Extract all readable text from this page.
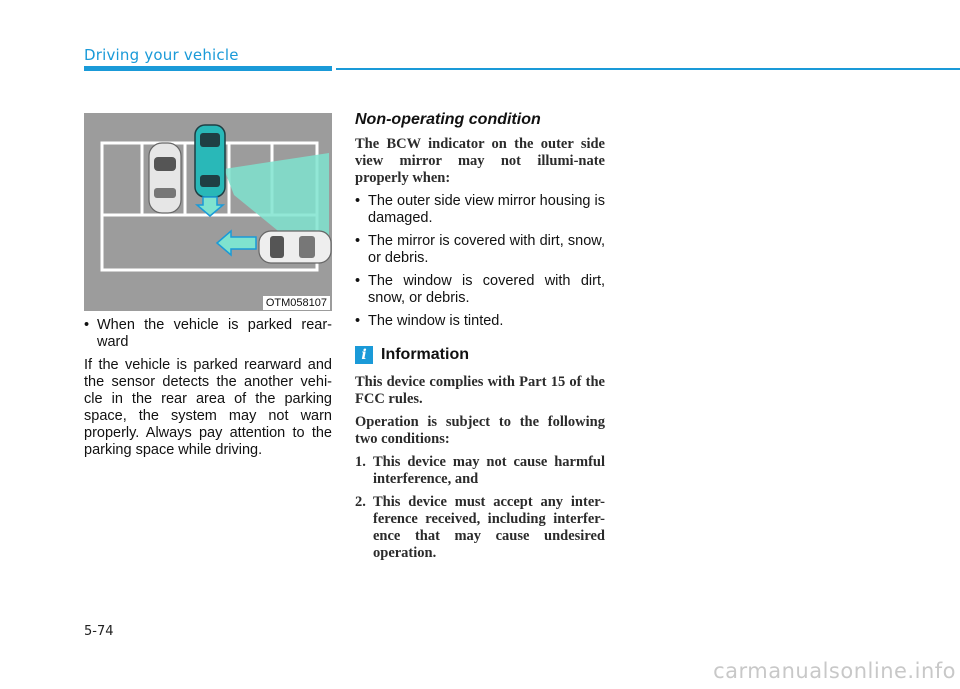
Driving your vehicle
OTM058107
• When the vehicle is parked rear-ward
If the vehicle is parked rearward and the sensor detects the another vehi-cle in the rear area of the parking space, the system may not warn properly. Always pay attention to the parking space while driving.
Non-operating condition
The BCW indicator on the outer side view mirror may not illumi-nate properly when:
• The outer side view mirror housing is damaged.
• The mirror is covered with dirt, snow, or debris.
• The window is covered with dirt, snow, or debris.
• The window is tinted.
i Information
This device complies with Part 15 of the FCC rules.
Operation is subject to the following two conditions:
1. This device may not cause harmful interference, and
2. This device must accept any inter-ference received, including interfer-ence that may cause undesired operation.
5-74
carmanualsonline.info
